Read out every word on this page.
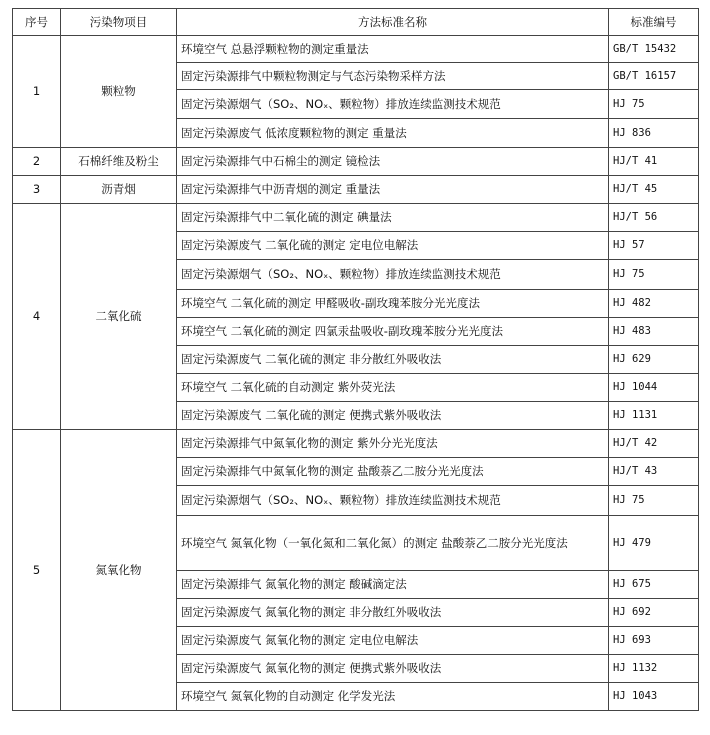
序号	污染物项目	方法标准名称	标准编号
1	颗粒物	环境空气 总悬浮颗粒物的测定重量法	GB/T 15432
		固定污染源排气中颗粒物测定与气态污染物采样方法	GB/T 16157
		固定污染源烟气（SO₂、NOₓ、颗粒物）排放连续监测技术规范	HJ 75
		固定污染源废气 低浓度颗粒物的测定 重量法	HJ 836
2	石棉纤维及粉尘	固定污染源排气中石棉尘的测定 镜检法	HJ/T 41
3	沥青烟	固定污染源排气中沥青烟的测定 重量法	HJ/T 45
4	二氧化硫	固定污染源排气中二氧化硫的测定 碘量法	HJ/T 56
		固定污染源废气 二氧化硫的测定 定电位电解法	HJ 57
		固定污染源烟气（SO₂、NOₓ、颗粒物）排放连续监测技术规范	HJ 75
		环境空气 二氧化硫的测定 甲醛吸收-副玫瑰苯胺分光光度法	HJ 482
		环境空气 二氧化硫的测定 四氯汞盐吸收-副玫瑰苯胺分光光度法	HJ 483
		固定污染源废气 二氧化硫的测定 非分散红外吸收法	HJ 629
		环境空气 二氧化硫的自动测定 紫外荧光法	HJ 1044
		固定污染源废气 二氧化硫的测定 便携式紫外吸收法	HJ 1131
5	氮氧化物	固定污染源排气中氮氧化物的测定 紫外分光光度法	HJ/T 42
		固定污染源排气中氮氧化物的测定 盐酸萘乙二胺分光光度法	HJ/T 43
		固定污染源烟气（SO₂、NOₓ、颗粒物）排放连续监测技术规范	HJ 75
		环境空气 氮氧化物（一氧化氮和二氧化氮）的测定 盐酸萘乙二胺分光光度法	HJ 479
		固定污染源排气 氮氧化物的测定 酸碱滴定法	HJ 675
		固定污染源废气 氮氧化物的测定 非分散红外吸收法	HJ 692
		固定污染源废气 氮氧化物的测定 定电位电解法	HJ 693
		固定污染源废气 氮氧化物的测定 便携式紫外吸收法	HJ 1132
		环境空气 氮氧化物的自动测定 化学发光法	HJ 1043
